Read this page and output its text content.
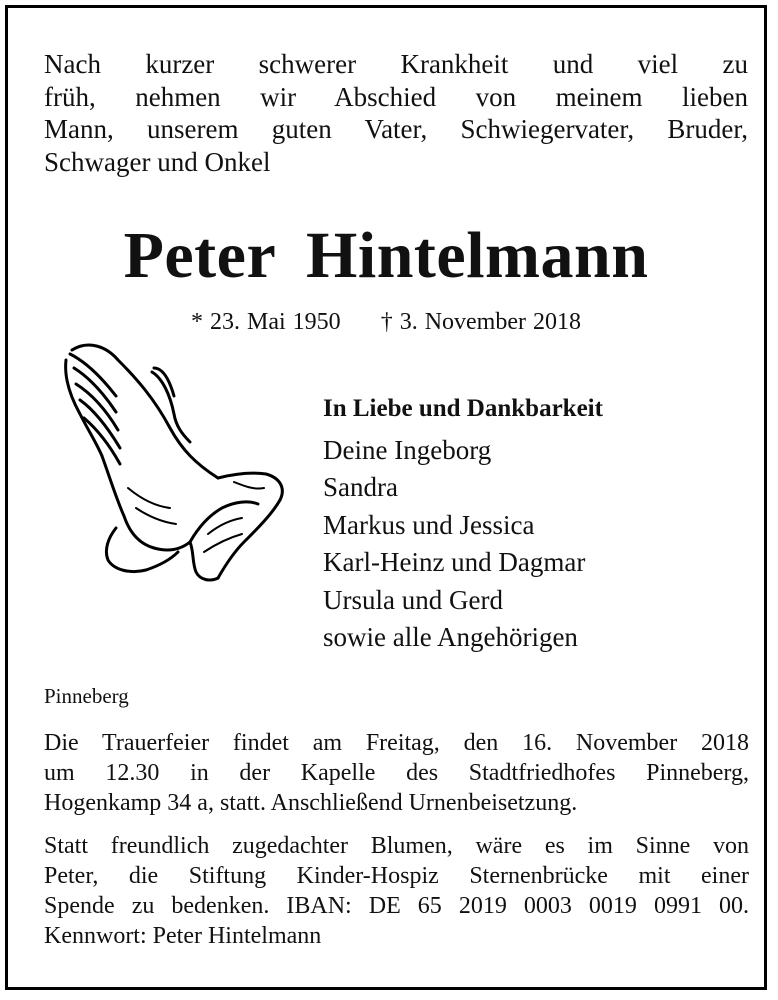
Nach kurzer schwerer Krankheit und viel zu
früh, nehmen wir Abschied von meinem lieben
Mann, unserem guten Vater, Schwiegervater, Bruder,
Schwager und Onkel
Peter Hintelmann
* 23. Mai 1950 † 3. November 2018
In Liebe und Dankbarkeit
Deine Ingeborg
Sandra
Markus und Jessica
Karl-Heinz und Dagmar
Ursula und Gerd
sowie alle Angehörigen
Pinneberg
Die Trauerfeier findet am Freitag, den 16. November 2018
um 12.30 in der Kapelle des Stadtfriedhofes Pinneberg,
Hogenkamp 34 a, statt. Anschließend Urnenbeisetzung.
Statt freundlich zugedachter Blumen, wäre es im Sinne von
Peter, die Stiftung Kinder-Hospiz Sternenbrücke mit einer
Spende zu bedenken. IBAN: DE 65 2019 0003 0019 0991 00.
Kennwort: Peter Hintelmann
